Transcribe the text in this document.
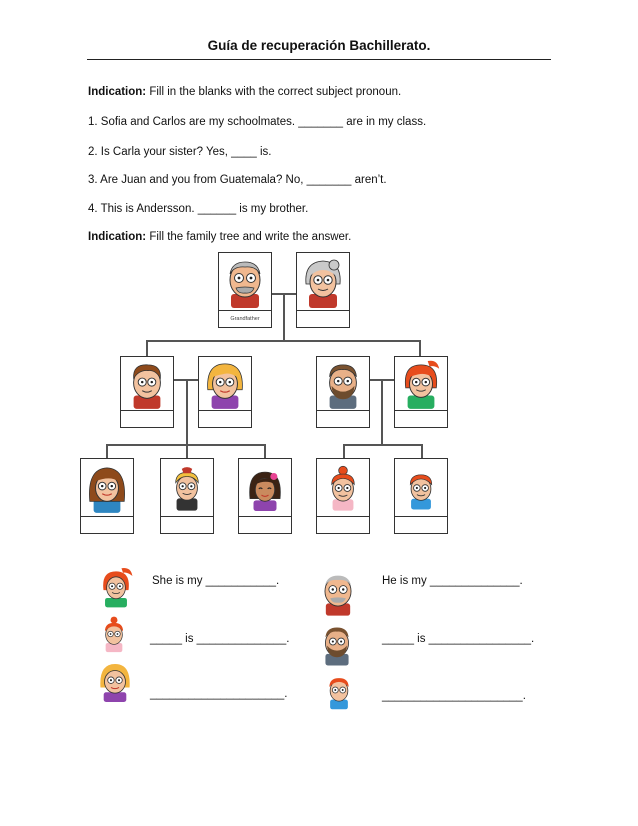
Guía de recuperación Bachillerato.
Indication: Fill in the blanks with the correct subject pronoun.
1. Sofia and Carlos are my schoolmates. _______ are in my class.
2. Is Carla your sister? Yes, ____ is.
3. Are Juan and you from Guatemala? No, _______ aren’t.
4. This is Andersson. ______ is my brother.
Indication: Fill the family tree and write the answer.
Grandfather
She is my ___________.
_____ is ______________.
_____________________.
He is my ______________.
_____ is ________________.
______________________.
